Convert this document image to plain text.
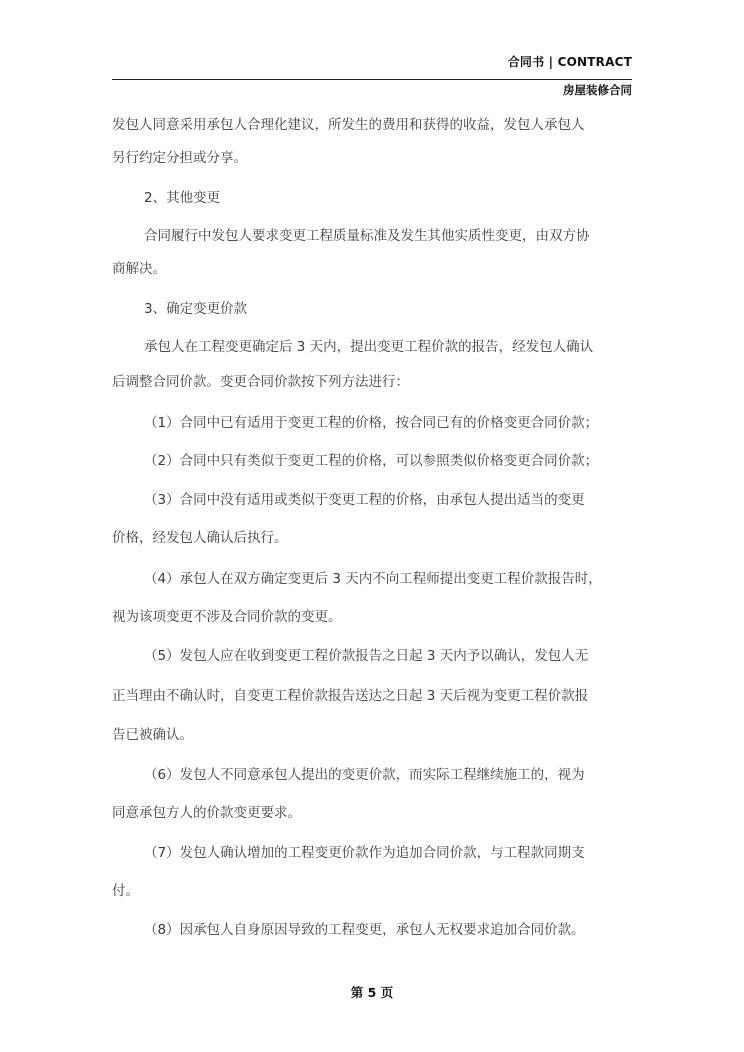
合同书 | CONTRACT
房屋装修合同
发包人同意采用承包人合理化建议，所发生的费用和获得的收益，发包人承包人
另行约定分担或分享。
2、其他变更
合同履行中发包人要求变更工程质量标准及发生其他实质性变更，由双方协
商解决。
3、确定变更价款
承包人在工程变更确定后 3 天内，提出变更工程价款的报告，经发包人确认
后调整合同价款。变更合同价款按下列方法进行：
（1）合同中已有适用于变更工程的价格，按合同已有的价格变更合同价款；
（2）合同中只有类似于变更工程的价格，可以参照类似价格变更合同价款；
（3）合同中没有适用或类似于变更工程的价格，由承包人提出适当的变更
价格，经发包人确认后执行。
（4）承包人在双方确定变更后 3 天内不向工程师提出变更工程价款报告时，
视为该项变更不涉及合同价款的变更。
（5）发包人应在收到变更工程价款报告之日起 3 天内予以确认，发包人无
正当理由不确认时，自变更工程价款报告送达之日起 3 天后视为变更工程价款报
告已被确认。
（6）发包人不同意承包人提出的变更价款，而实际工程继续施工的，视为
同意承包方人的价款变更要求。
（7）发包人确认增加的工程变更价款作为追加合同价款，与工程款同期支
付。
（8）因承包人自身原因导致的工程变更，承包人无权要求追加合同价款。
第 5 页
